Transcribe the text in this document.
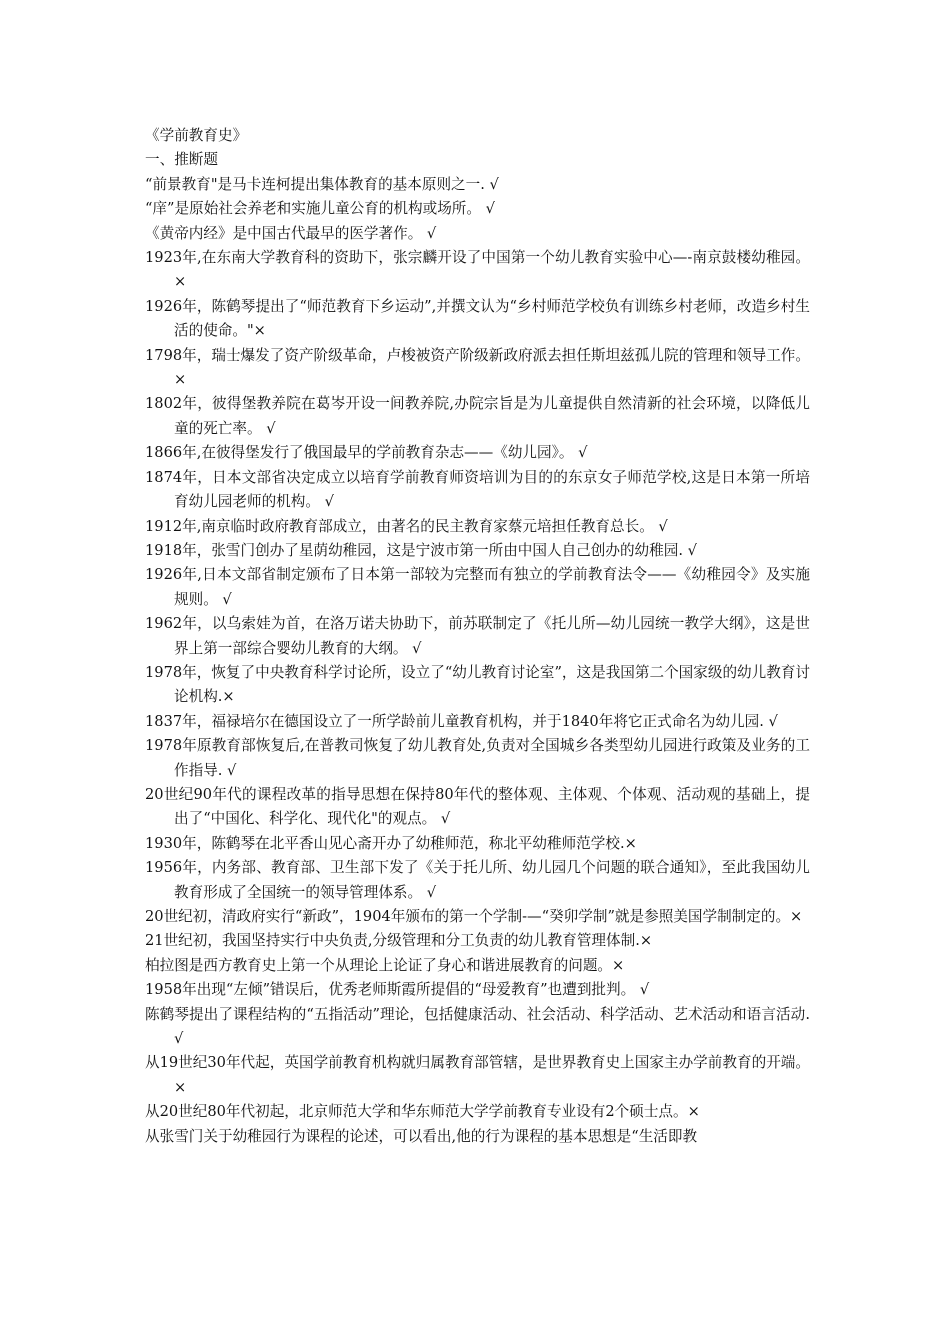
《学前教育史》

一、推断题

“前景教育"是马卡连柯提出集体教育的基本原则之一. √

“庠”是原始社会养老和实施儿童公育的机构或场所。 √

《黄帝内经》是中国古代最早的医学著作。 √

1923年,在东南大学教育科的资助下，张宗麟开设了中国第一个幼儿教育实验中心—-南京鼓楼幼稚园。×

1926年，陈鹤琴提出了“师范教育下乡运动”,并撰文认为“乡村师范学校负有训练乡村老师，改造乡村生活的使命。"×

1798年，瑞士爆发了资产阶级革命，卢梭被资产阶级新政府派去担任斯坦兹孤儿院的管理和领导工作。×

1802年，彼得堡教养院在葛岑开设一间教养院,办院宗旨是为儿童提供自然清新的社会环境，以降低儿童的死亡率。 √

1866年,在彼得堡发行了俄国最早的学前教育杂志——《幼儿园》。 √

1874年，日本文部省决定成立以培育学前教育师资培训为目的的东京女子师范学校,这是日本第一所培育幼儿园老师的机构。 √

1912年,南京临时政府教育部成立，由著名的民主教育家蔡元培担任教育总长。 √

1918年，张雪门创办了星荫幼稚园，这是宁波市第一所由中国人自己创办的幼稚园. √

1926年,日本文部省制定颁布了日本第一部较为完整而有独立的学前教育法令——《幼稚园令》及实施规则。 √

1962年，以乌索娃为首，在洛万诺夫协助下，前苏联制定了《托儿所—幼儿园统一教学大纲》，这是世界上第一部综合婴幼儿教育的大纲。 √

1978年，恢复了中央教育科学讨论所，设立了“幼儿教育讨论室”，这是我国第二个国家级的幼儿教育讨论机构.×

1837年，福禄培尔在德国设立了一所学龄前儿童教育机构，并于1840年将它正式命名为幼儿园. √

1978年原教育部恢复后,在普教司恢复了幼儿教育处,负责对全国城乡各类型幼儿园进行政策及业务的工作指导. √

20世纪90年代的课程改革的指导思想在保持80年代的整体观、主体观、个体观、活动观的基础上，提出了“中国化、科学化、现代化"的观点。 √

1930年，陈鹤琴在北平香山见心斋开办了幼稚师范，称北平幼稚师范学校.×

1956年，内务部、教育部、卫生部下发了《关于托儿所、幼儿园几个问题的联合通知》，至此我国幼儿教育形成了全国统一的领导管理体系。 √

20世纪初，清政府实行“新政”，1904年颁布的第一个学制-—“癸卯学制”就是参照美国学制制定的。×

21世纪初，我国坚持实行中央负责,分级管理和分工负责的幼儿教育管理体制.×

柏拉图是西方教育史上第一个从理论上论证了身心和谐进展教育的问题。×

1958年出现“左倾”错误后，优秀老师斯霞所提倡的“母爱教育”也遭到批判。 √

陈鹤琴提出了课程结构的“五指活动”理论，包括健康活动、社会活动、科学活动、艺术活动和语言活动. √

从19世纪30年代起，英国学前教育机构就归属教育部管辖，是世界教育史上国家主办学前教育的开端。×

从20世纪80年代初起，北京师范大学和华东师范大学学前教育专业设有2个硕士点。×

从张雪门关于幼稚园行为课程的论述，可以看出,他的行为课程的基本思想是“生活即教
